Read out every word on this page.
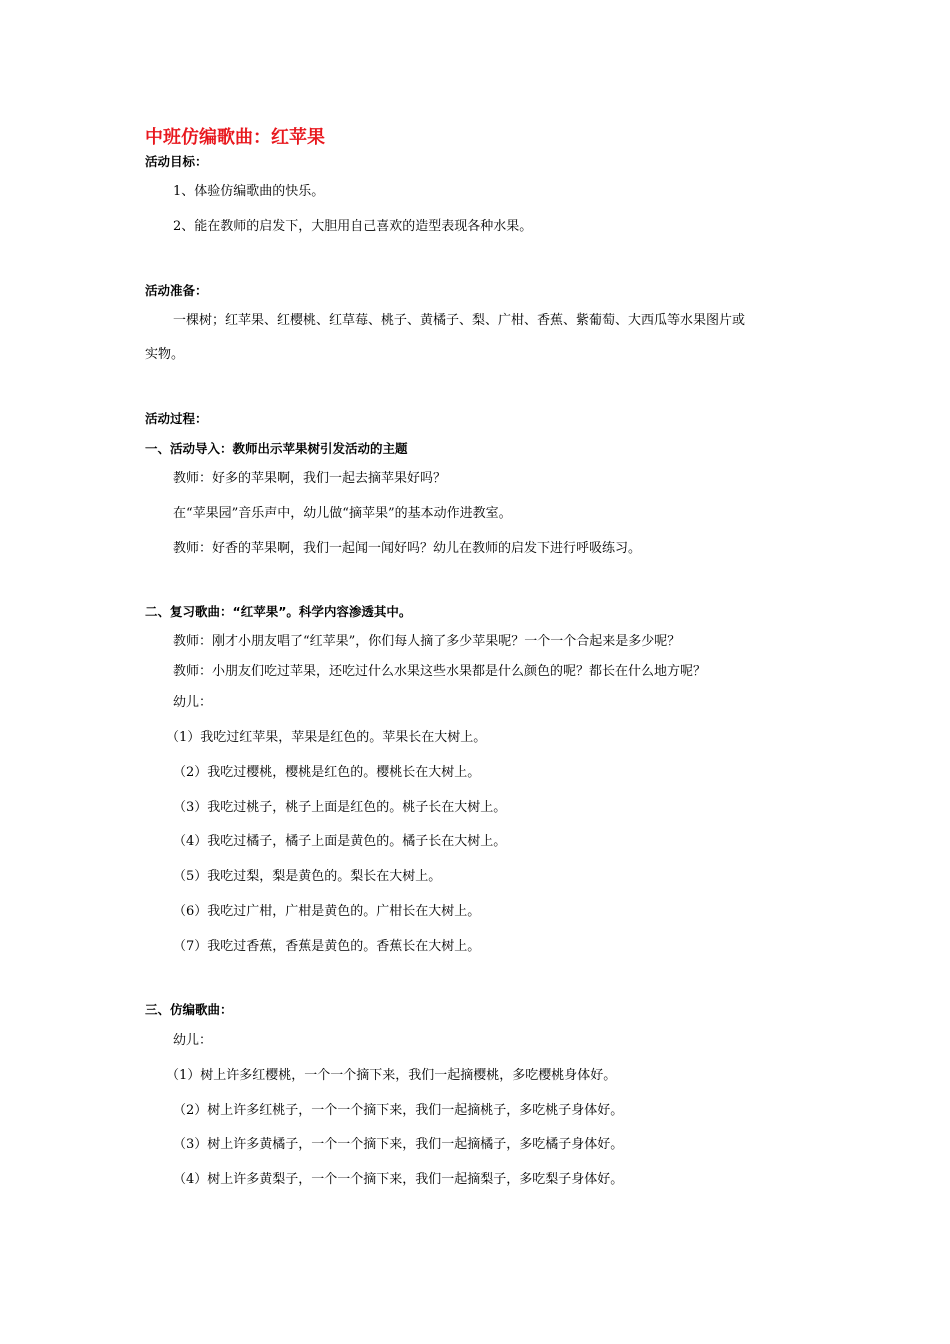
中班仿编歌曲：红苹果
活动目标：
1、体验仿编歌曲的快乐。
2、能在教师的启发下，大胆用自己喜欢的造型表现各种水果。
活动准备：
一棵树；红苹果、红樱桃、红草莓、桃子、黄橘子、梨、广柑、香蕉、紫葡萄、大西瓜等水果图片或
实物。
活动过程：
一、活动导入：教师出示苹果树引发活动的主题
教师：好多的苹果啊，我们一起去摘苹果好吗？
在“苹果园”音乐声中，幼儿做“摘苹果”的基本动作进教室。
教师：好香的苹果啊，我们一起闻一闻好吗？幼儿在教师的启发下进行呼吸练习。
二、复习歌曲：“红苹果”。科学内容渗透其中。
教师：刚才小朋友唱了“红苹果”，你们每人摘了多少苹果呢？一个一个合起来是多少呢？
教师：小朋友们吃过苹果，还吃过什么水果这些水果都是什么颜色的呢？都长在什么地方呢？
幼儿：
（1）我吃过红苹果，苹果是红色的。苹果长在大树上。
（2）我吃过樱桃，樱桃是红色的。樱桃长在大树上。
（3）我吃过桃子，桃子上面是红色的。桃子长在大树上。
（4）我吃过橘子，橘子上面是黄色的。橘子长在大树上。
（5）我吃过梨，梨是黄色的。梨长在大树上。
（6）我吃过广柑，广柑是黄色的。广柑长在大树上。
（7）我吃过香蕉，香蕉是黄色的。香蕉长在大树上。
三、仿编歌曲：
幼儿：
（1）树上许多红樱桃，一个一个摘下来，我们一起摘樱桃，多吃樱桃身体好。
（2）树上许多红桃子，一个一个摘下来，我们一起摘桃子，多吃桃子身体好。
（3）树上许多黄橘子，一个一个摘下来，我们一起摘橘子，多吃橘子身体好。
（4）树上许多黄梨子，一个一个摘下来，我们一起摘梨子，多吃梨子身体好。
